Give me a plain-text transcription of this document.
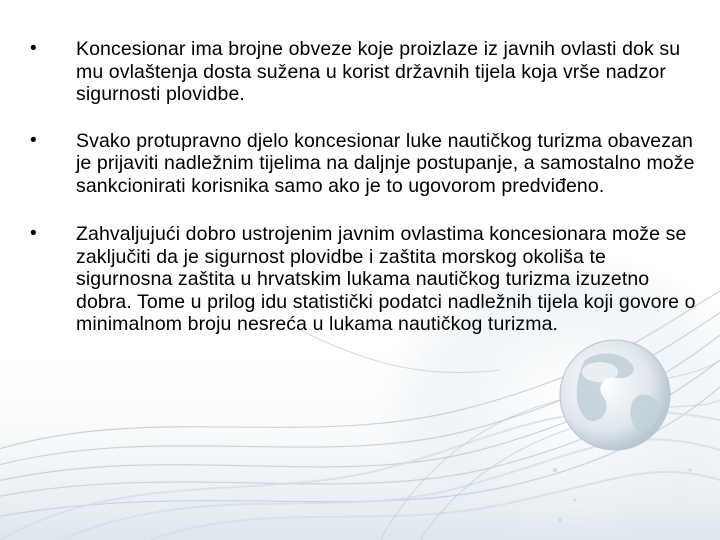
• Koncesionar ima brojne obveze koje proizlaze iz javnih ovlasti dok su mu ovlaštenja dosta sužena u korist državnih tijela koja vrše nadzor sigurnosti plovidbe.
• Svako protupravno djelo koncesionar luke nautičkog turizma obavezan je prijaviti nadležnim tijelima na daljnje postupanje, a samostalno može sankcionirati korisnika samo ako je to ugovorom predviđeno.
• Zahvaljujući dobro ustrojenim javnim ovlastima koncesionara može se zaključiti da je sigurnost plovidbe i zaštita morskog okoliša te sigurnosna zaštita u hrvatskim lukama nautičkog turizma izuzetno dobra. Tome u prilog idu statistički podatci nadležnih tijela koji govore o minimalnom broju nesreća u lukama nautičkog turizma.
